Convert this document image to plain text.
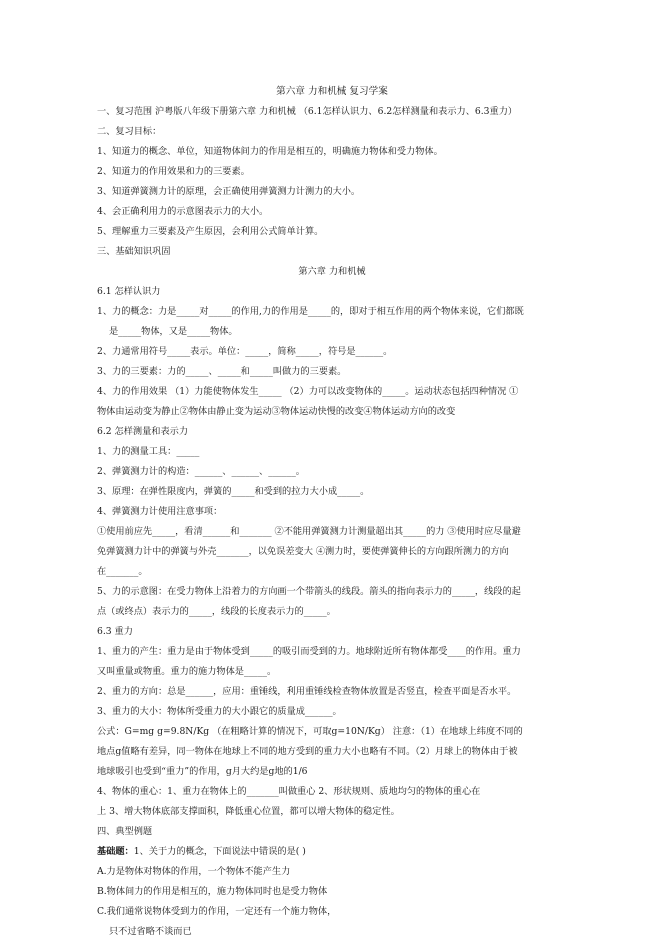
第六章 力和机械 复习学案
一、复习范围 沪粤版八年级下册第六章 力和机械 （6.1怎样认识力、6.2怎样测量和表示力、6.3重力）
二、复习目标：
1、知道力的概念、单位，知道物体间力的作用是相互的，明确施力物体和受力物体。
2、知道力的作用效果和力的三要素。
3、知道弹簧测力计的原理，会正确使用弹簧测力计测力的大小。
4、会正确利用力的示意图表示力的大小。
5、理解重力三要素及产生原因，会利用公式简单计算。
三、基础知识巩固
第六章 力和机械
6.1 怎样认识力
1、力的概念：力是_____对_____的作用,力的作用是_____的，即对于相互作用的两个物体来说，它们都既
是_____物体，又是_____物体。
2、力通常用符号_____表示。单位：_____，简称_____，符号是______。
3、力的三要素：力的_____、_____和_____叫做力的三要素。
4、力的作用效果 （1）力能使物体发生_____ （2）力可以改变物体的_____。运动状态包括四种情况 ①
物体由运动变为静止②物体由静止变为运动③物体运动快慢的改变④物体运动方向的改变
6.2 怎样测量和表示力
1、力的测量工具：_____
2、弹簧测力计的构造：______、______、______。
3、原理：在弹性限度内，弹簧的_____和受到的拉力大小成_____。
4、弹簧测力计使用注意事项：
①使用前应先_____，看清______和_______ ②不能用弹簧测力计测量超出其_____的力 ③使用时应尽量避
免弹簧测力计中的弹簧与外壳_______，以免误差变大 ④测力时，要使弹簧伸长的方向跟所测力的方向
在_______。
5、力的示意图：在受力物体上沿着力的方向画一个带箭头的线段。箭头的指向表示力的_____，线段的起
点（或终点）表示力的_____，线段的长度表示力的_____。
6.3 重力
1、重力的产生：重力是由于物体受到_____的吸引而受到的力。地球附近所有物体都受____的作用。重力
又叫重量或物重。重力的施力物体是_____。
2、重力的方向：总是______，应用：重锤线，利用重锤线检查物体放置是否竖直，检查平面是否水平。
3、重力的大小：物体所受重力的大小跟它的质量成______。
公式：G=mg g=9.8N/Kg （在粗略计算的情况下，可取g=10N/Kg） 注意：（1）在地球上纬度不同的
地点g值略有差异，同一物体在地球上不同的地方受到的重力大小也略有不同。（2）月球上的物体由于被
地球吸引也受到“重力”的作用，g月大约是g地的1/6
4、物体的重心：1、重力在物体上的_______叫做重心 2、形状规则、质地均匀的物体的重心在
上 3、增大物体底部支撑面积，降低重心位置，都可以增大物体的稳定性。
四、典型例题
基础题：1、关于力的概念，下面说法中错误的是( )
A.力是物体对物体的作用，一个物体不能产生力
B.物体间力的作用是相互的，施力物体同时也是受力物体
C.我们通常说物体受到力的作用，一定还有一个施力物体，
只不过省略不谈而已
